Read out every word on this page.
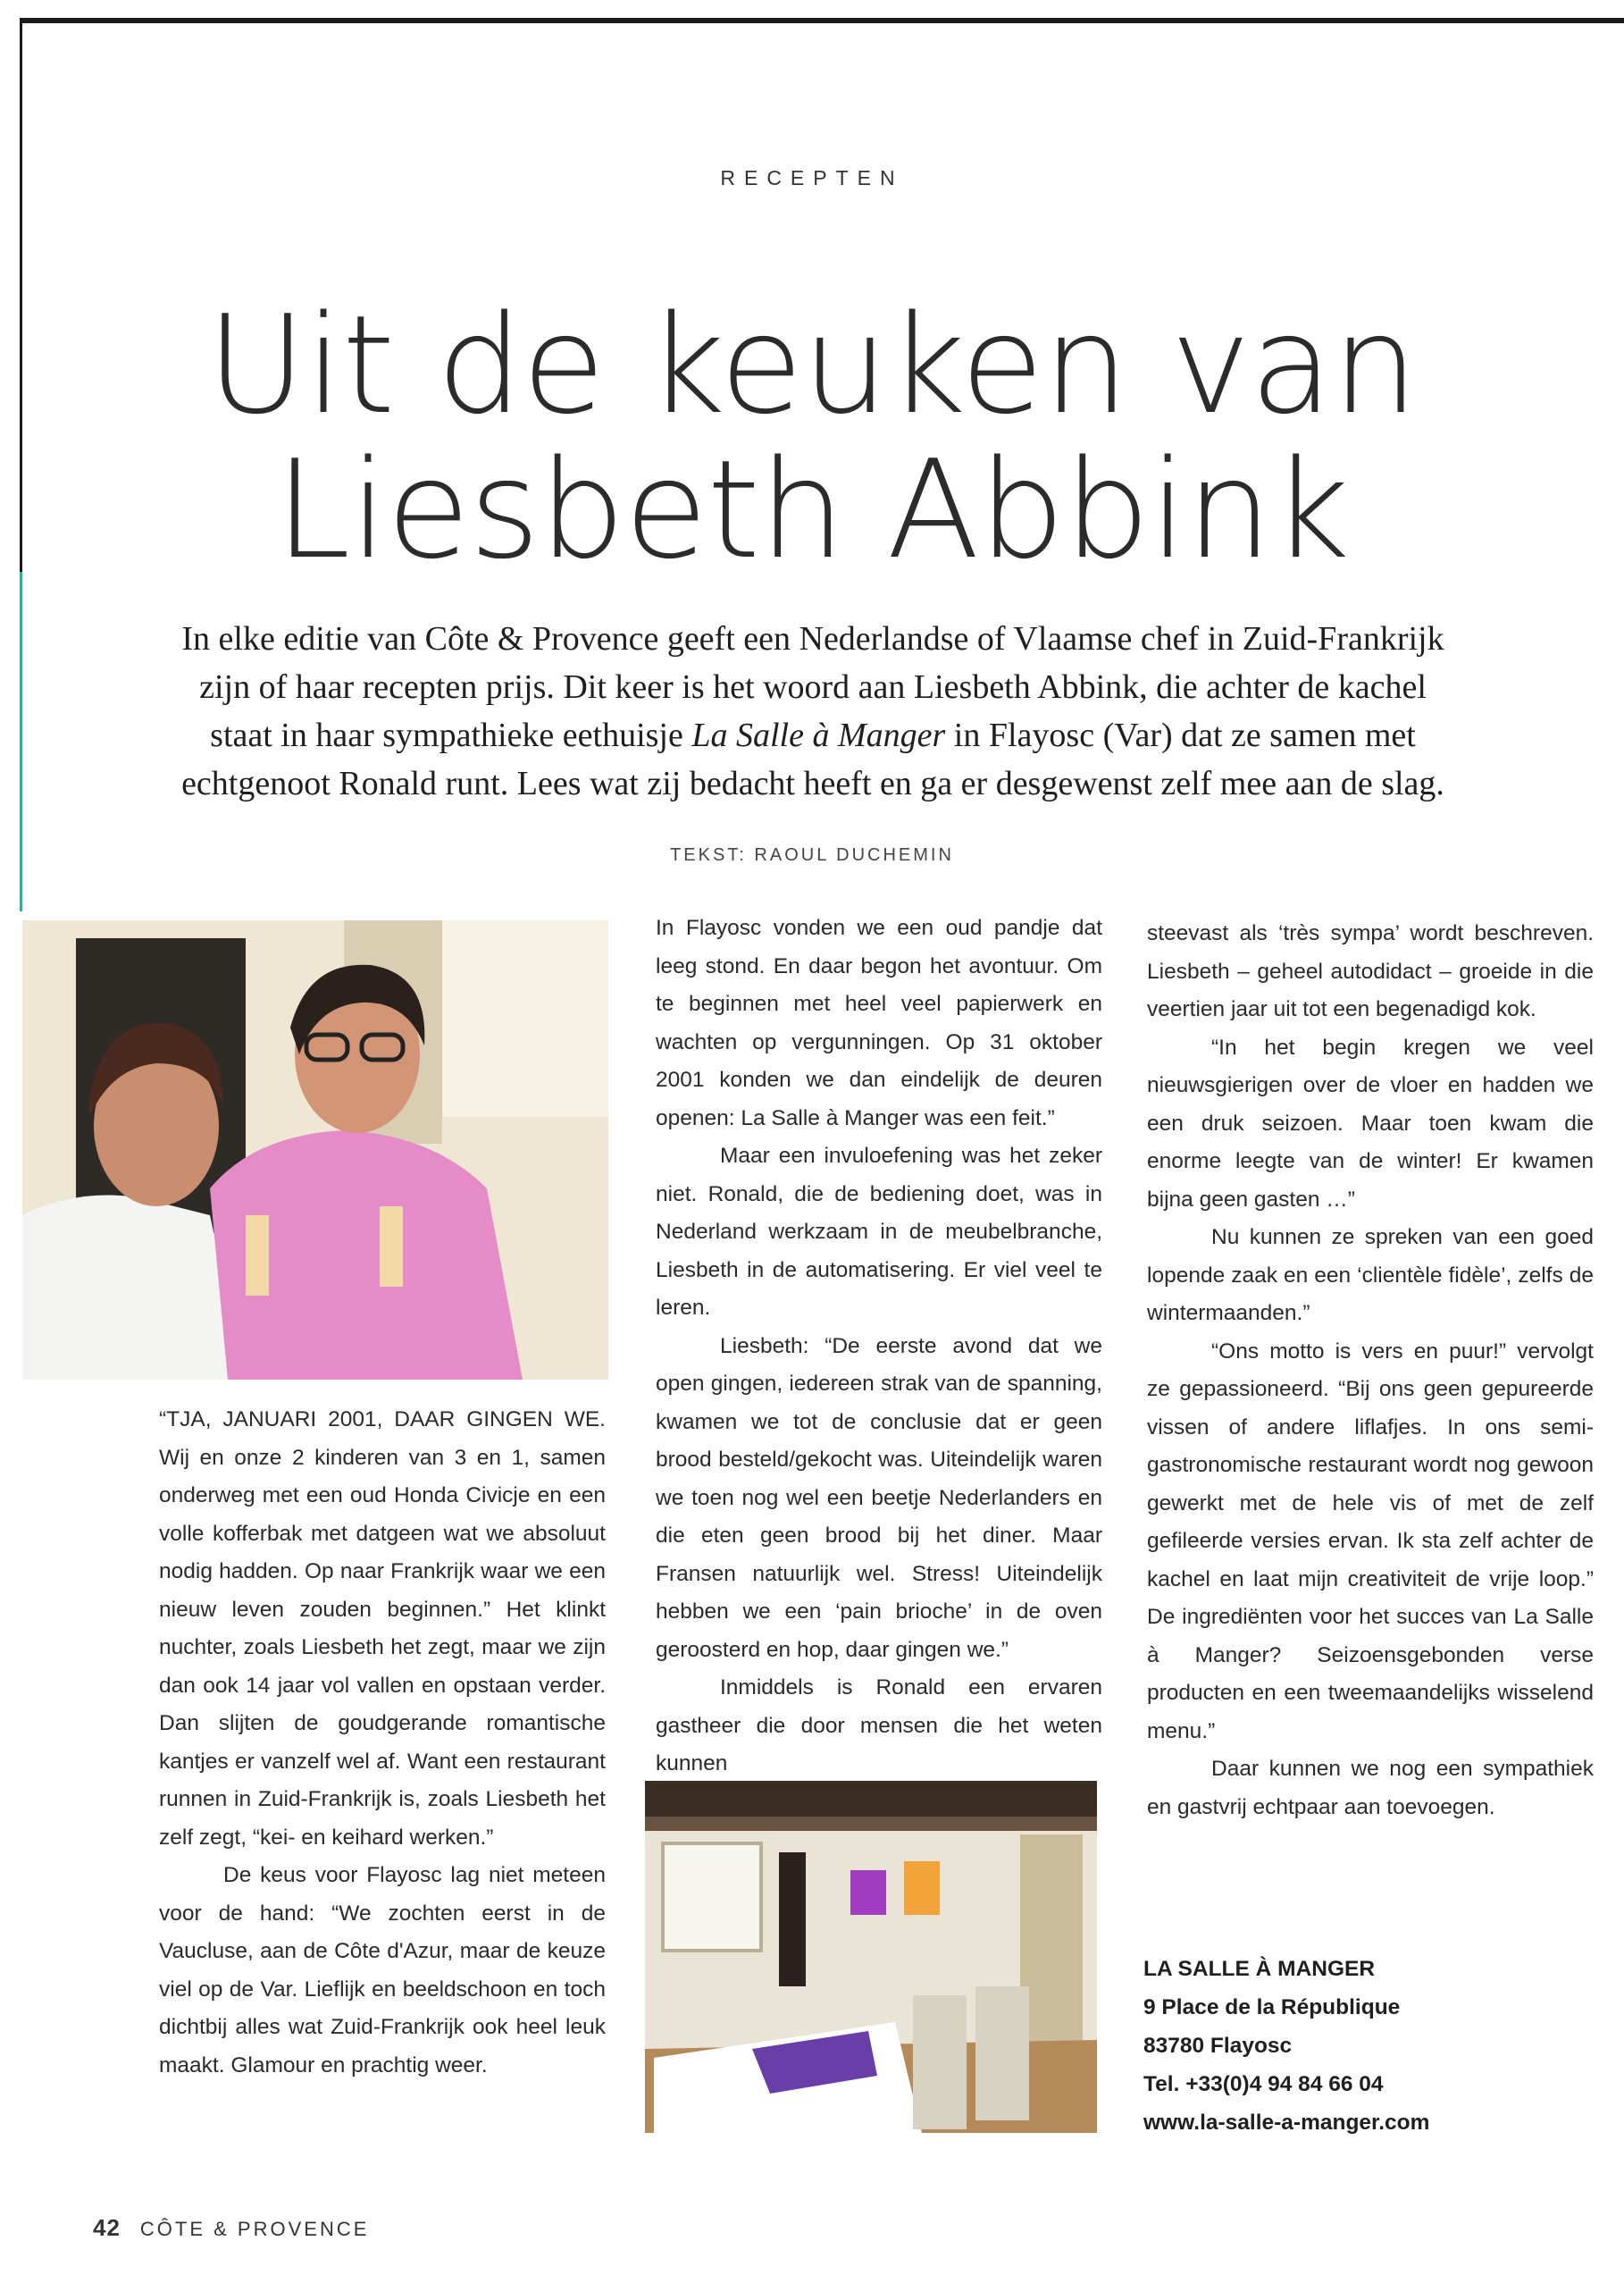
RECEPTEN
Uit de keuken van
Liesbeth Abbink
In elke editie van Côte & Provence geeft een Nederlandse of Vlaamse chef in Zuid-Frankrijk zijn of haar recepten prijs. Dit keer is het woord aan Liesbeth Abbink, die achter de kachel staat in haar sympathieke eethuisje La Salle à Manger in Flayosc (Var) dat ze samen met echtgenoot Ronald runt. Lees wat zij bedacht heeft en ga er desgewenst zelf mee aan de slag.
TEKST: RAOUL DUCHEMIN

“TJA, JANUARI 2001, DAAR GINGEN WE. Wij en onze 2 kinderen van 3 en 1, samen onderweg met een oud Honda Civicje en een volle kofferbak met datgeen wat we absoluut nodig hadden. Op naar Frankrijk waar we een nieuw leven zouden beginnen.” Het klinkt nuchter, zoals Liesbeth het zegt, maar we zijn dan ook 14 jaar vol vallen en opstaan verder. Dan slijten de goudgerande romantische kantjes er vanzelf wel af. Want een restaurant runnen in Zuid-Frankrijk is, zoals Liesbeth het zelf zegt, “kei- en keihard werken.”

De keus voor Flayosc lag niet meteen voor de hand: “We zochten eerst in de Vaucluse, aan de Côte d'Azur, maar de keuze viel op de Var. Lieflijk en beeldschoon en toch dichtbij alles wat Zuid-Frankrijk ook heel leuk maakt. Glamour en prachtig weer.

In Flayosc vonden we een oud pandje dat leeg stond. En daar begon het avontuur. Om te beginnen met heel veel papierwerk en wachten op vergunningen. Op 31 oktober 2001 konden we dan eindelijk de deuren openen: La Salle à Manger was een feit.”

Maar een invuloefening was het zeker niet. Ronald, die de bediening doet, was in Nederland werkzaam in de meubelbranche, Liesbeth in de automatisering. Er viel veel te leren.

Liesbeth: “De eerste avond dat we open gingen, iedereen strak van de spanning, kwamen we tot de conclusie dat er geen brood besteld/gekocht was. Uiteindelijk waren we toen nog wel een beetje Nederlanders en die eten geen brood bij het diner. Maar Fransen natuurlijk wel. Stress! Uiteindelijk hebben we een ‘pain brioche’ in de oven geroosterd en hop, daar gingen we.”

Inmiddels is Ronald een ervaren gastheer die door mensen die het weten kunnen

steevast als ‘très sympa’ wordt beschreven. Liesbeth – geheel autodidact – groeide in die veertien jaar uit tot een begenadigd kok.

“In het begin kregen we veel nieuwsgierigen over de vloer en hadden we een druk seizoen. Maar toen kwam die enorme leegte van de winter! Er kwamen bijna geen gasten …”

Nu kunnen ze spreken van een goed lopende zaak en een ‘clientèle fidèle’, zelfs de wintermaanden.”

“Ons motto is vers en puur!” vervolgt ze gepassioneerd. “Bij ons geen gepureerde vissen of andere liflafjes. In ons semi-gastronomische restaurant wordt nog gewoon gewerkt met de hele vis of met de zelf gefileerde versies ervan. Ik sta zelf achter de kachel en laat mijn creativiteit de vrije loop.” De ingrediënten voor het succes van La Salle à Manger? Seizoensgebonden verse producten en een tweemaandelijks wisselend menu.”

Daar kunnen we nog een sympathiek en gastvrij echtpaar aan toevoegen.

LA SALLE À MANGER
9 Place de la République
83780 Flayosc
Tel. +33(0)4 94 84 66 04
www.la-salle-a-manger.com
42 CÔTE & PROVENCE
